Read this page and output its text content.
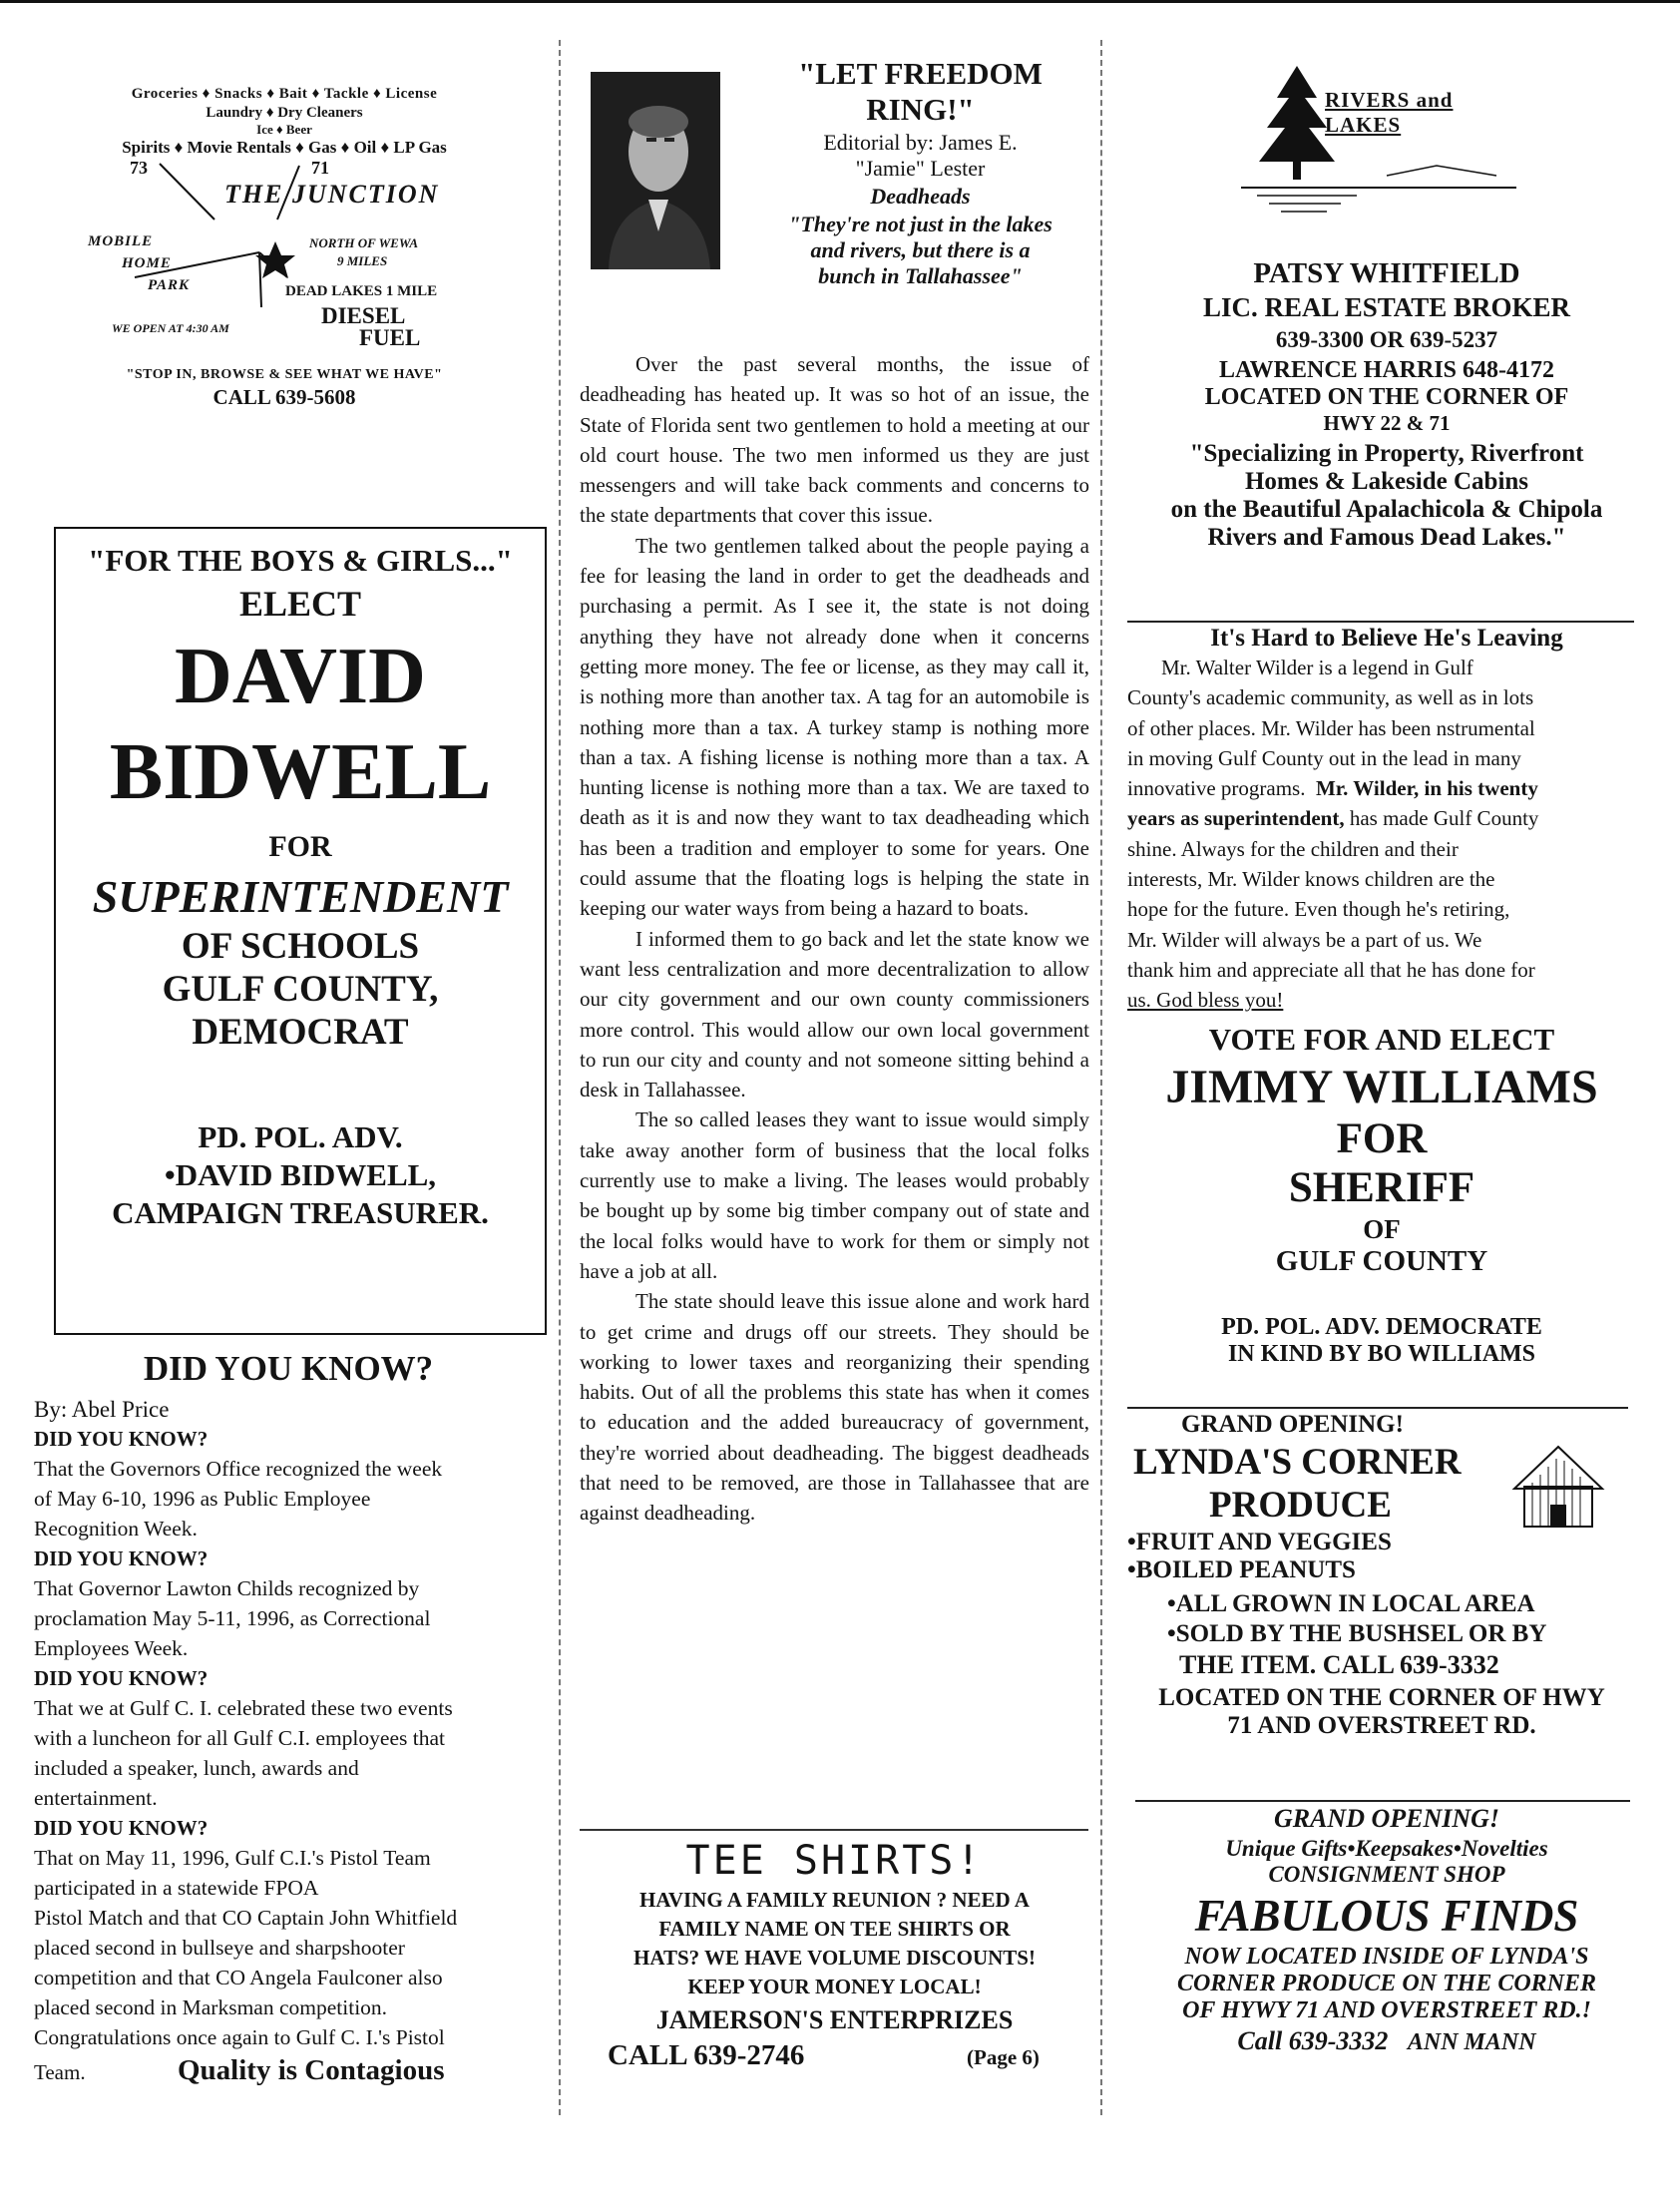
Groceries ♦ Snacks ♦ Bait ♦ Tackle ♦ License
Laundry ♦ Dry Cleaners
Ice ♦ Beer
Spirits ♦ Movie Rentals ♦ Gas ♦ Oil ♦ LP Gas
73	71
THE JUNCTION
MOBILE
HOME
PARK
NORTH OF WEWA
9 MILES
DEAD LAKES 1 MILE
WE OPEN AT 4:30 AM	DIESEL
FUEL
"STOP IN, BROWSE & SEE WHAT WE HAVE"
CALL 639-5608
"FOR THE BOYS & GIRLS..."
ELECT
DAVID
BIDWELL
FOR
SUPERINTENDENT
OF SCHOOLS
GULF COUNTY,
DEMOCRAT
PD. POL. ADV.
•DAVID BIDWELL,
CAMPAIGN TREASURER.
DID YOU KNOW?
By: Abel Price
DID YOU KNOW?
That the Governors Office recognized the week
of May 6-10, 1996 as Public Employee
Recognition Week.
DID YOU KNOW?
That Governor Lawton Childs recognized by
proclamation May 5-11, 1996, as Correctional
Employees Week.
DID YOU KNOW?
That we at Gulf C. I. celebrated these two events
with a luncheon for all Gulf C.I. employees that
included a speaker, lunch, awards and
entertainment.
DID YOU KNOW?
That on May 11, 1996, Gulf C.I.'s Pistol Team
participated in a statewide FPOA
Pistol Match and that CO Captain John Whitfield
placed second in bullseye and sharpshooter
competition and that CO Angela Faulconer also
placed second in Marksman competition.
Congratulations once again to Gulf C. I.'s Pistol
Team.	Quality is Contagious
"LET FREEDOM
RING!"
Editorial by: James E.
"Jamie" Lester
Deadheads
"They're not just in the lakes
and rivers, but there is a
bunch in Tallahassee"

Over the past several months, the issue of deadheading has heated up. It was so hot of an issue, the State of Florida sent two gentlemen to hold a meeting at our old court house. The two men informed us they are just messengers and will take back comments and concerns to the state departments that cover this issue.

The two gentlemen talked about the people paying a fee for leasing the land in order to get the deadheads and purchasing a permit. As I see it, the state is not doing anything they have not already done when it concerns getting more money. The fee or license, as they may call it, is nothing more than another tax. A tag for an automobile is nothing more than a tax. A turkey stamp is nothing more than a tax. A fishing license is nothing more than a tax. A hunting license is nothing more than a tax. We are taxed to death as it is and now they want to tax deadheading which has been a tradition and employer to some for years. One could assume that the floating logs is helping the state in keeping our water ways from being a hazard to boats.

I informed them to go back and let the state know we want less centralization and more decentralization to allow our city government and our own county commissioners more control. This would allow our own local government to run our city and county and not someone sitting behind a desk in Tallahassee.

The so called leases they want to issue would simply take away another form of business that the local folks currently use to make a living. The leases would probably be bought up by some big timber company out of state and the local folks would have to work for them or simply not have a job at all.

The state should leave this issue alone and work hard to get crime and drugs off our streets. They should be working to lower taxes and reorganizing their spending habits. Out of all the problems this state has when it comes to education and the added bureaucracy of government, they're worried about deadheading. The biggest deadheads that need to be removed, are those in Tallahassee that are against deadheading.

TEE SHIRTS!
HAVING A FAMILY REUNION ? NEED A
FAMILY NAME ON TEE SHIRTS OR
HATS? WE HAVE VOLUME DISCOUNTS!
KEEP YOUR MONEY LOCAL!
JAMERSON'S ENTERPRIZES
CALL 639-2746	(Page 6)
RIVERS and LAKES
PATSY WHITFIELD
LIC. REAL ESTATE BROKER
639-3300 OR 639-5237
LAWRENCE HARRIS 648-4172
LOCATED ON THE CORNER OF
HWY 22 & 71
"Specializing in Property, Riverfront
Homes & Lakeside Cabins
on the Beautiful Apalachicola & Chipola
Rivers and Famous Dead Lakes."
It's Hard to Believe He's Leaving
Mr. Walter Wilder is a legend in Gulf
County's academic community, as well as in lots
of other places. Mr. Wilder has been nstrumental
in moving Gulf County out in the lead in many
innovative programs. Mr. Wilder, in his twenty
years as superintendent, has made Gulf County
shine. Always for the children and their
interests, Mr. Wilder knows children are the
hope for the future. Even though he's retiring,
Mr. Wilder will always be a part of us. We
thank him and appreciate all that he has done for
us. God bless you!
VOTE FOR AND ELECT
JIMMY WILLIAMS
FOR
SHERIFF
OF
GULF COUNTY
PD. POL. ADV. DEMOCRATE
IN KIND BY BO WILLIAMS
GRAND OPENING!
LYNDA'S CORNER
PRODUCE
•FRUIT AND VEGGIES
•BOILED PEANUTS
•ALL GROWN IN LOCAL AREA
•SOLD BY THE BUSHSEL OR BY
THE ITEM. CALL 639-3332
LOCATED ON THE CORNER OF HWY
71 AND OVERSTREET RD.
GRAND OPENING!
Unique Gifts•Keepsakes•Novelties
CONSIGNMENT SHOP
FABULOUS FINDS
NOW LOCATED INSIDE OF LYNDA'S
CORNER PRODUCE ON THE CORNER
OF HYWY 71 AND OVERSTREET RD.!
Call 639-3332 ANN MANN
